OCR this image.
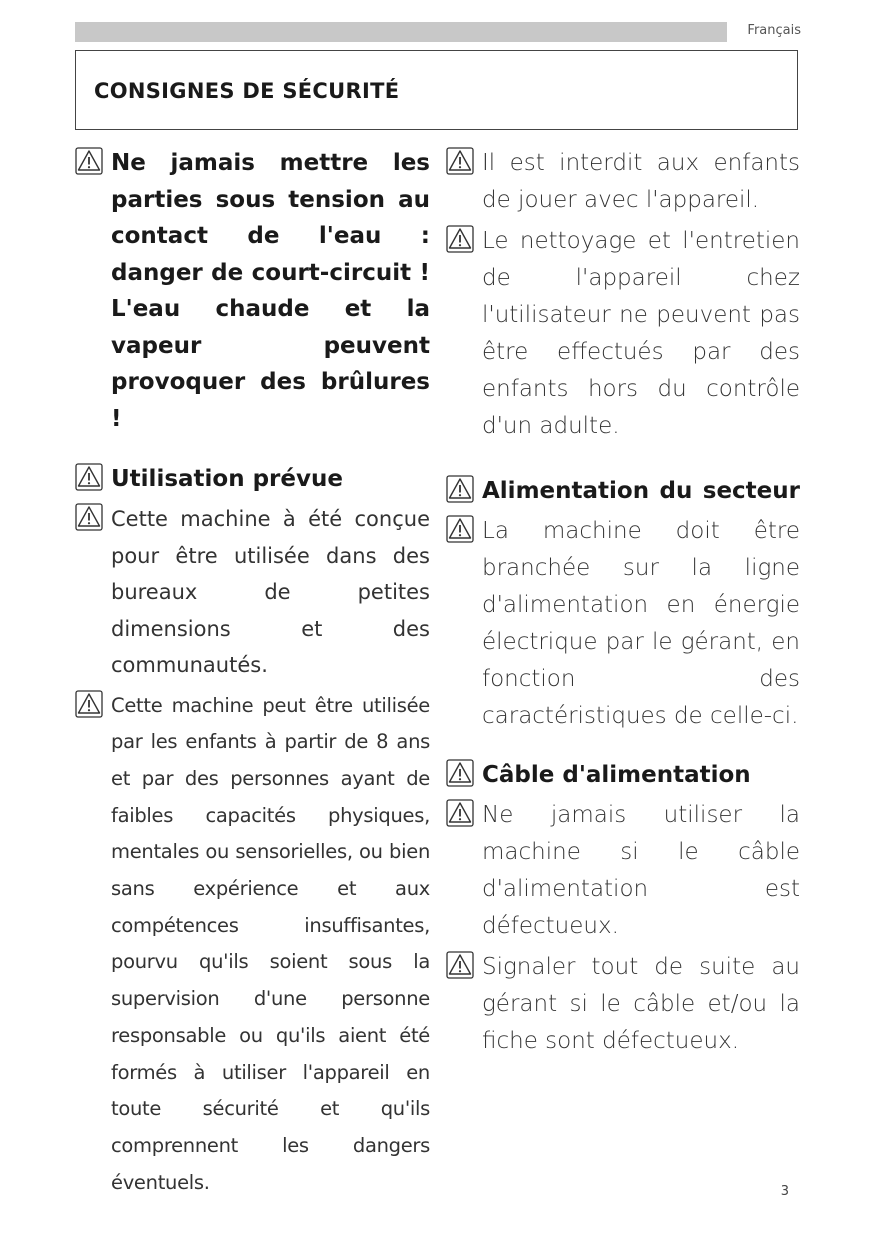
Français
CONSIGNES DE SÉCURITÉ
Ne jamais mettre les parties sous tension au contact de l'eau : danger de court-circuit ! L'eau chaude et la vapeur peuvent provoquer des brûlures !
Utilisation prévue
Cette machine à été conçue pour être utilisée dans des bureaux de petites dimensions et des communautés.
Cette machine peut être utilisée par les enfants à partir de 8 ans et par des personnes ayant de faibles capacités physiques, mentales ou sensorielles, ou bien sans expérience et aux compétences insuffisantes, pourvu qu'ils soient sous la supervision d'une personne responsable ou qu'ils aient été formés à utiliser l'appareil en toute sécurité et qu'ils comprennent les dangers éventuels.
Il est interdit aux enfants de jouer avec l'appareil.
Le nettoyage et l'entretien de l'appareil chez l'utilisateur ne peuvent pas être effectués par des enfants hors du contrôle d'un adulte.
Alimentation du secteur
La machine doit être branchée sur la ligne d'alimentation en énergie électrique par le gérant, en fonction des caractéristiques de celle-ci.
Câble d'alimentation
Ne jamais utiliser la machine si le câble d'alimentation est défectueux.
Signaler tout de suite au gérant si le câble et/ou la fiche sont défectueux.
3
